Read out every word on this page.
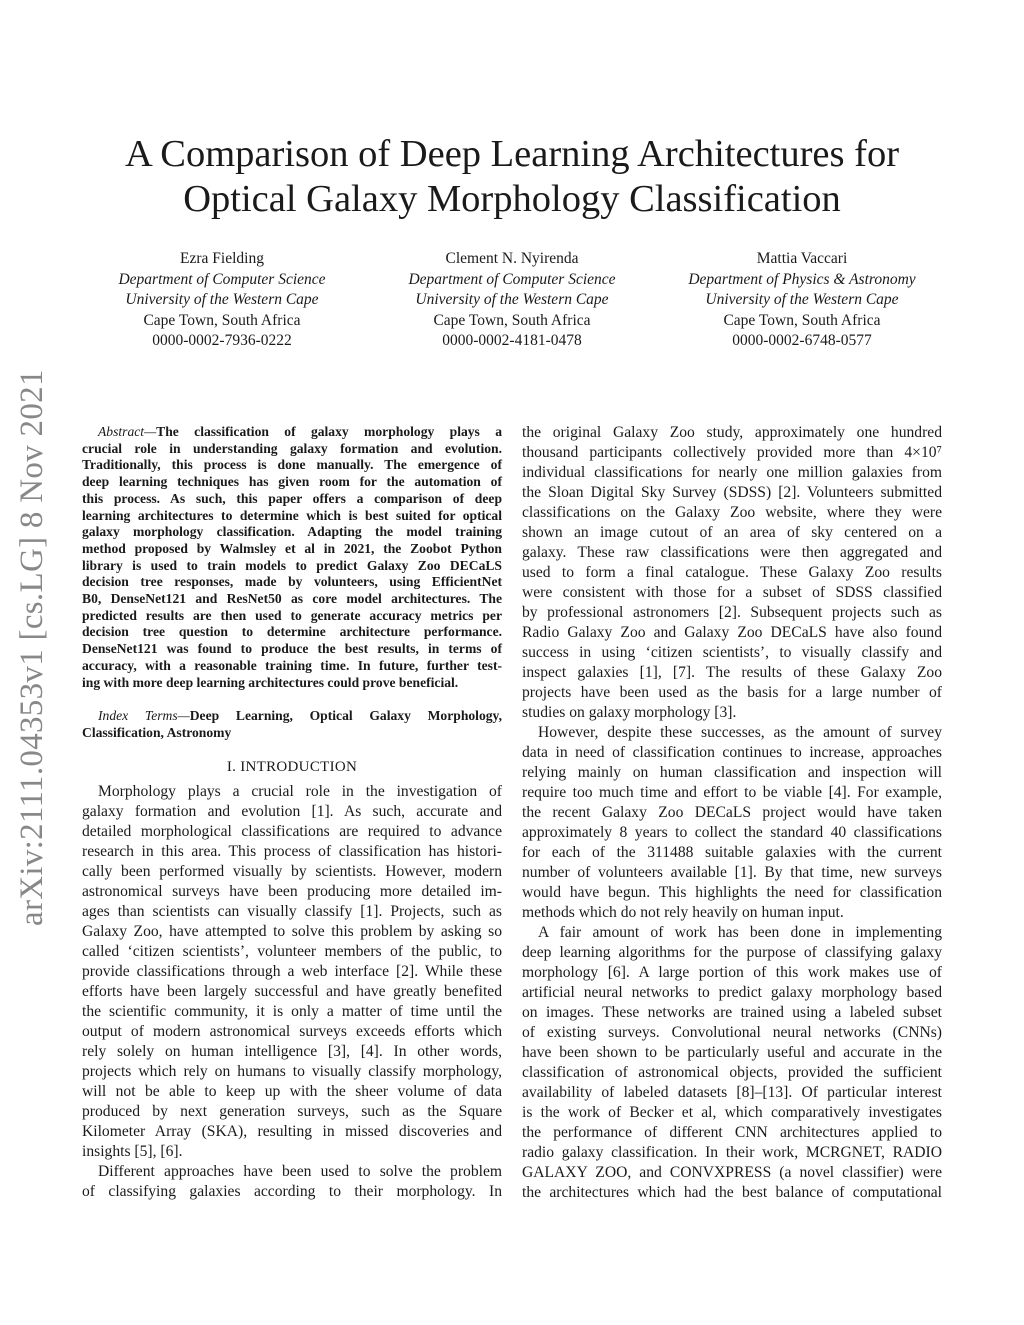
arXiv:2111.04353v1 [cs.LG] 8 Nov 2021
A Comparison of Deep Learning Architectures for
Optical Galaxy Morphology Classification
Ezra Fielding
Department of Computer Science
University of the Western Cape
Cape Town, South Africa
0000-0002-7936-0222
Clement N. Nyirenda
Department of Computer Science
University of the Western Cape
Cape Town, South Africa
0000-0002-4181-0478
Mattia Vaccari
Department of Physics & Astronomy
University of the Western Cape
Cape Town, South Africa
0000-0002-6748-0577
Abstract—The classification of galaxy morphology plays a
crucial role in understanding galaxy formation and evolution.
Traditionally, this process is done manually. The emergence of
deep learning techniques has given room for the automation of
this process. As such, this paper offers a comparison of deep
learning architectures to determine which is best suited for optical
galaxy morphology classification. Adapting the model training
method proposed by Walmsley et al in 2021, the Zoobot Python
library is used to train models to predict Galaxy Zoo DECaLS
decision tree responses, made by volunteers, using EfficientNet
B0, DenseNet121 and ResNet50 as core model architectures. The
predicted results are then used to generate accuracy metrics per
decision tree question to determine architecture performance.
DenseNet121 was found to produce the best results, in terms of
accuracy, with a reasonable training time. In future, further test-
ing with more deep learning architectures could prove beneficial.
Index Terms—Deep Learning, Optical Galaxy Morphology,
Classification, Astronomy
I. INTRODUCTION
Morphology plays a crucial role in the investigation of
galaxy formation and evolution [1]. As such, accurate and
detailed morphological classifications are required to advance
research in this area. This process of classification has histori-
cally been performed visually by scientists. However, modern
astronomical surveys have been producing more detailed im-
ages than scientists can visually classify [1]. Projects, such as
Galaxy Zoo, have attempted to solve this problem by asking so
called ‘citizen scientists’, volunteer members of the public, to
provide classifications through a web interface [2]. While these
efforts have been largely successful and have greatly benefited
the scientific community, it is only a matter of time until the
output of modern astronomical surveys exceeds efforts which
rely solely on human intelligence [3], [4]. In other words,
projects which rely on humans to visually classify morphology,
will not be able to keep up with the sheer volume of data
produced by next generation surveys, such as the Square
Kilometer Array (SKA), resulting in missed discoveries and
insights [5], [6].
Different approaches have been used to solve the problem
of classifying galaxies according to their morphology. In
the original Galaxy Zoo study, approximately one hundred
thousand participants collectively provided more than 4×10⁷
individual classifications for nearly one million galaxies from
the Sloan Digital Sky Survey (SDSS) [2]. Volunteers submitted
classifications on the Galaxy Zoo website, where they were
shown an image cutout of an area of sky centered on a
galaxy. These raw classifications were then aggregated and
used to form a final catalogue. These Galaxy Zoo results
were consistent with those for a subset of SDSS classified
by professional astronomers [2]. Subsequent projects such as
Radio Galaxy Zoo and Galaxy Zoo DECaLS have also found
success in using ‘citizen scientists’, to visually classify and
inspect galaxies [1], [7]. The results of these Galaxy Zoo
projects have been used as the basis for a large number of
studies on galaxy morphology [3].
However, despite these successes, as the amount of survey
data in need of classification continues to increase, approaches
relying mainly on human classification and inspection will
require too much time and effort to be viable [4]. For example,
the recent Galaxy Zoo DECaLS project would have taken
approximately 8 years to collect the standard 40 classifications
for each of the 311488 suitable galaxies with the current
number of volunteers available [1]. By that time, new surveys
would have begun. This highlights the need for classification
methods which do not rely heavily on human input.
A fair amount of work has been done in implementing
deep learning algorithms for the purpose of classifying galaxy
morphology [6]. A large portion of this work makes use of
artificial neural networks to predict galaxy morphology based
on images. These networks are trained using a labeled subset
of existing surveys. Convolutional neural networks (CNNs)
have been shown to be particularly useful and accurate in the
classification of astronomical objects, provided the sufficient
availability of labeled datasets [8]–[13]. Of particular interest
is the work of Becker et al, which comparatively investigates
the performance of different CNN architectures applied to
radio galaxy classification. In their work, MCRGNET, RADIO
GALAXY ZOO, and CONVXPRESS (a novel classifier) were
the architectures which had the best balance of computational
